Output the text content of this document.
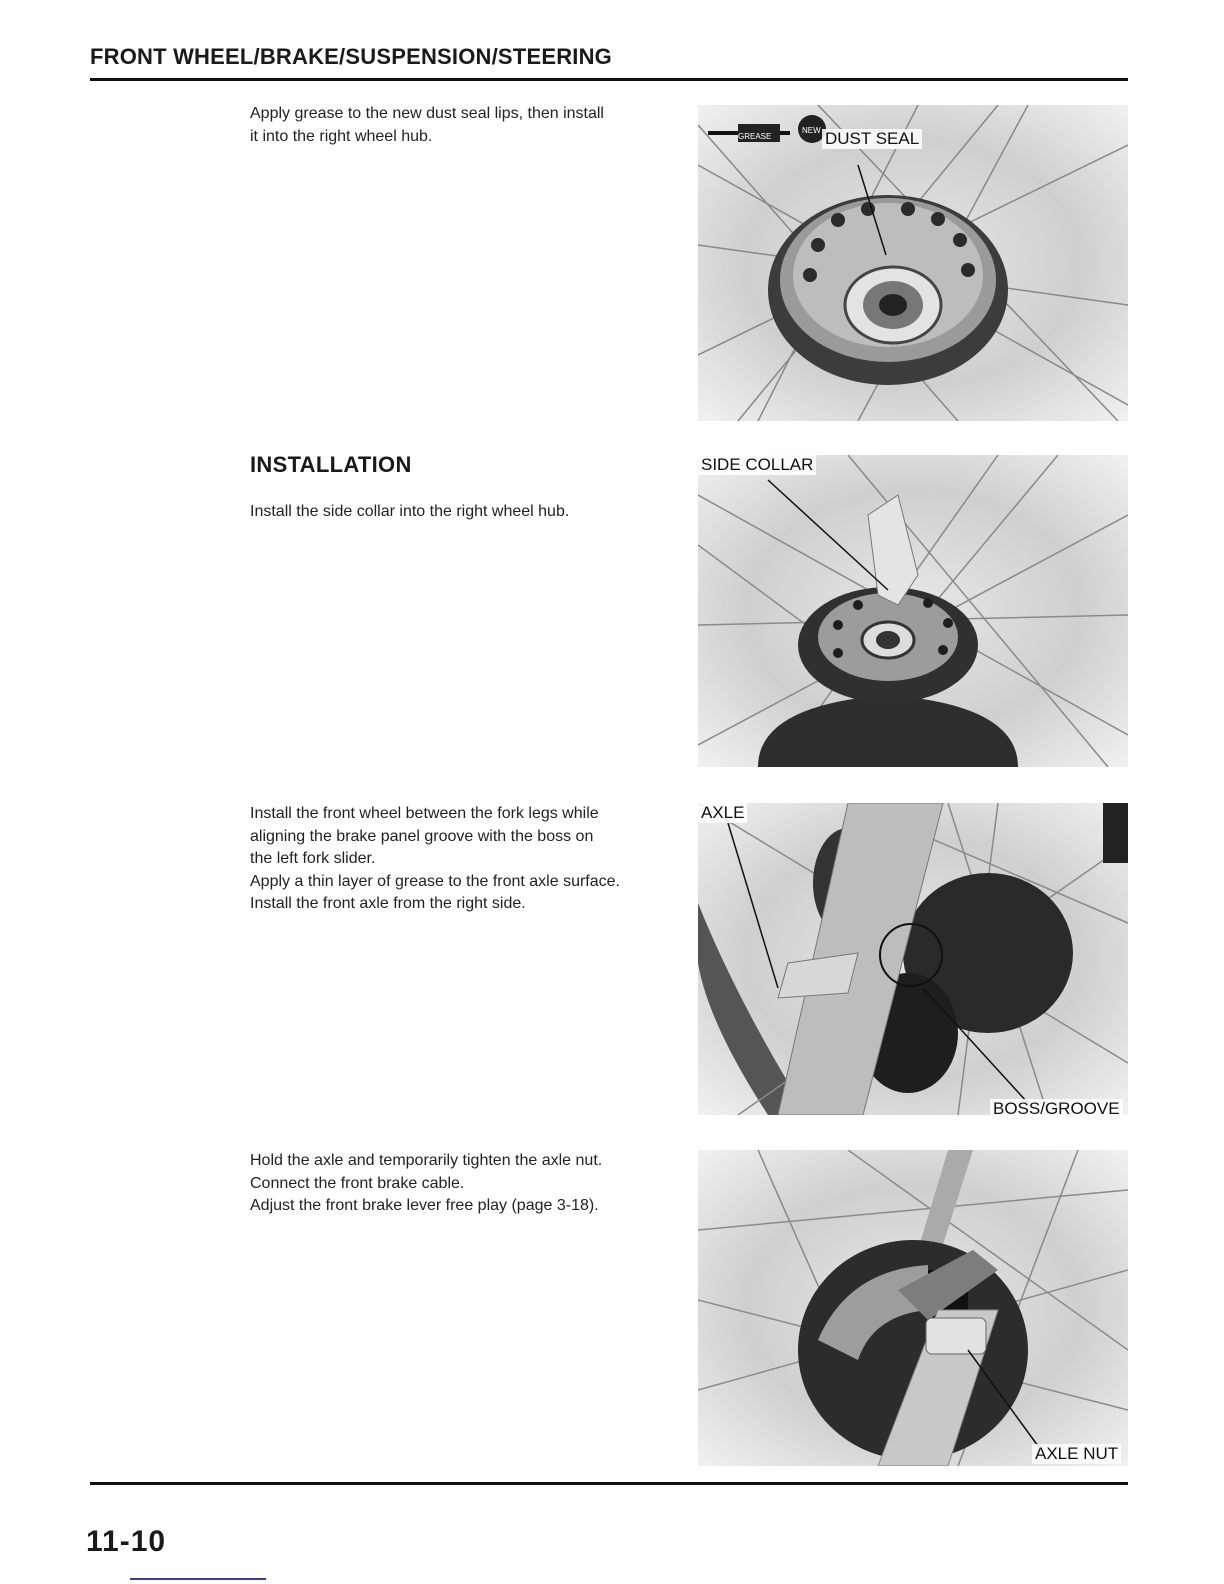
FRONT WHEEL/BRAKE/SUSPENSION/STEERING

Apply grease to the new dust seal lips, then install

it into the right wheel hub.	GREASE
NEW DUST SEAL
INSTALLATION
Install the side collar into the right wheel hub.
SIDE COLLAR

Install the front wheel between the fork legs while

aligning the brake panel groove with the boss on

the left fork slider.

Apply a thin layer of grease to the front axle surface.

Install the front axle from the right side.

AXLE
BOSS/GROOVE

Hold the axle and temporarily tighten the axle nut.

Connect the front brake cable.

Adjust the front brake lever free play (page 3-18).

AXLE NUT
11-10
